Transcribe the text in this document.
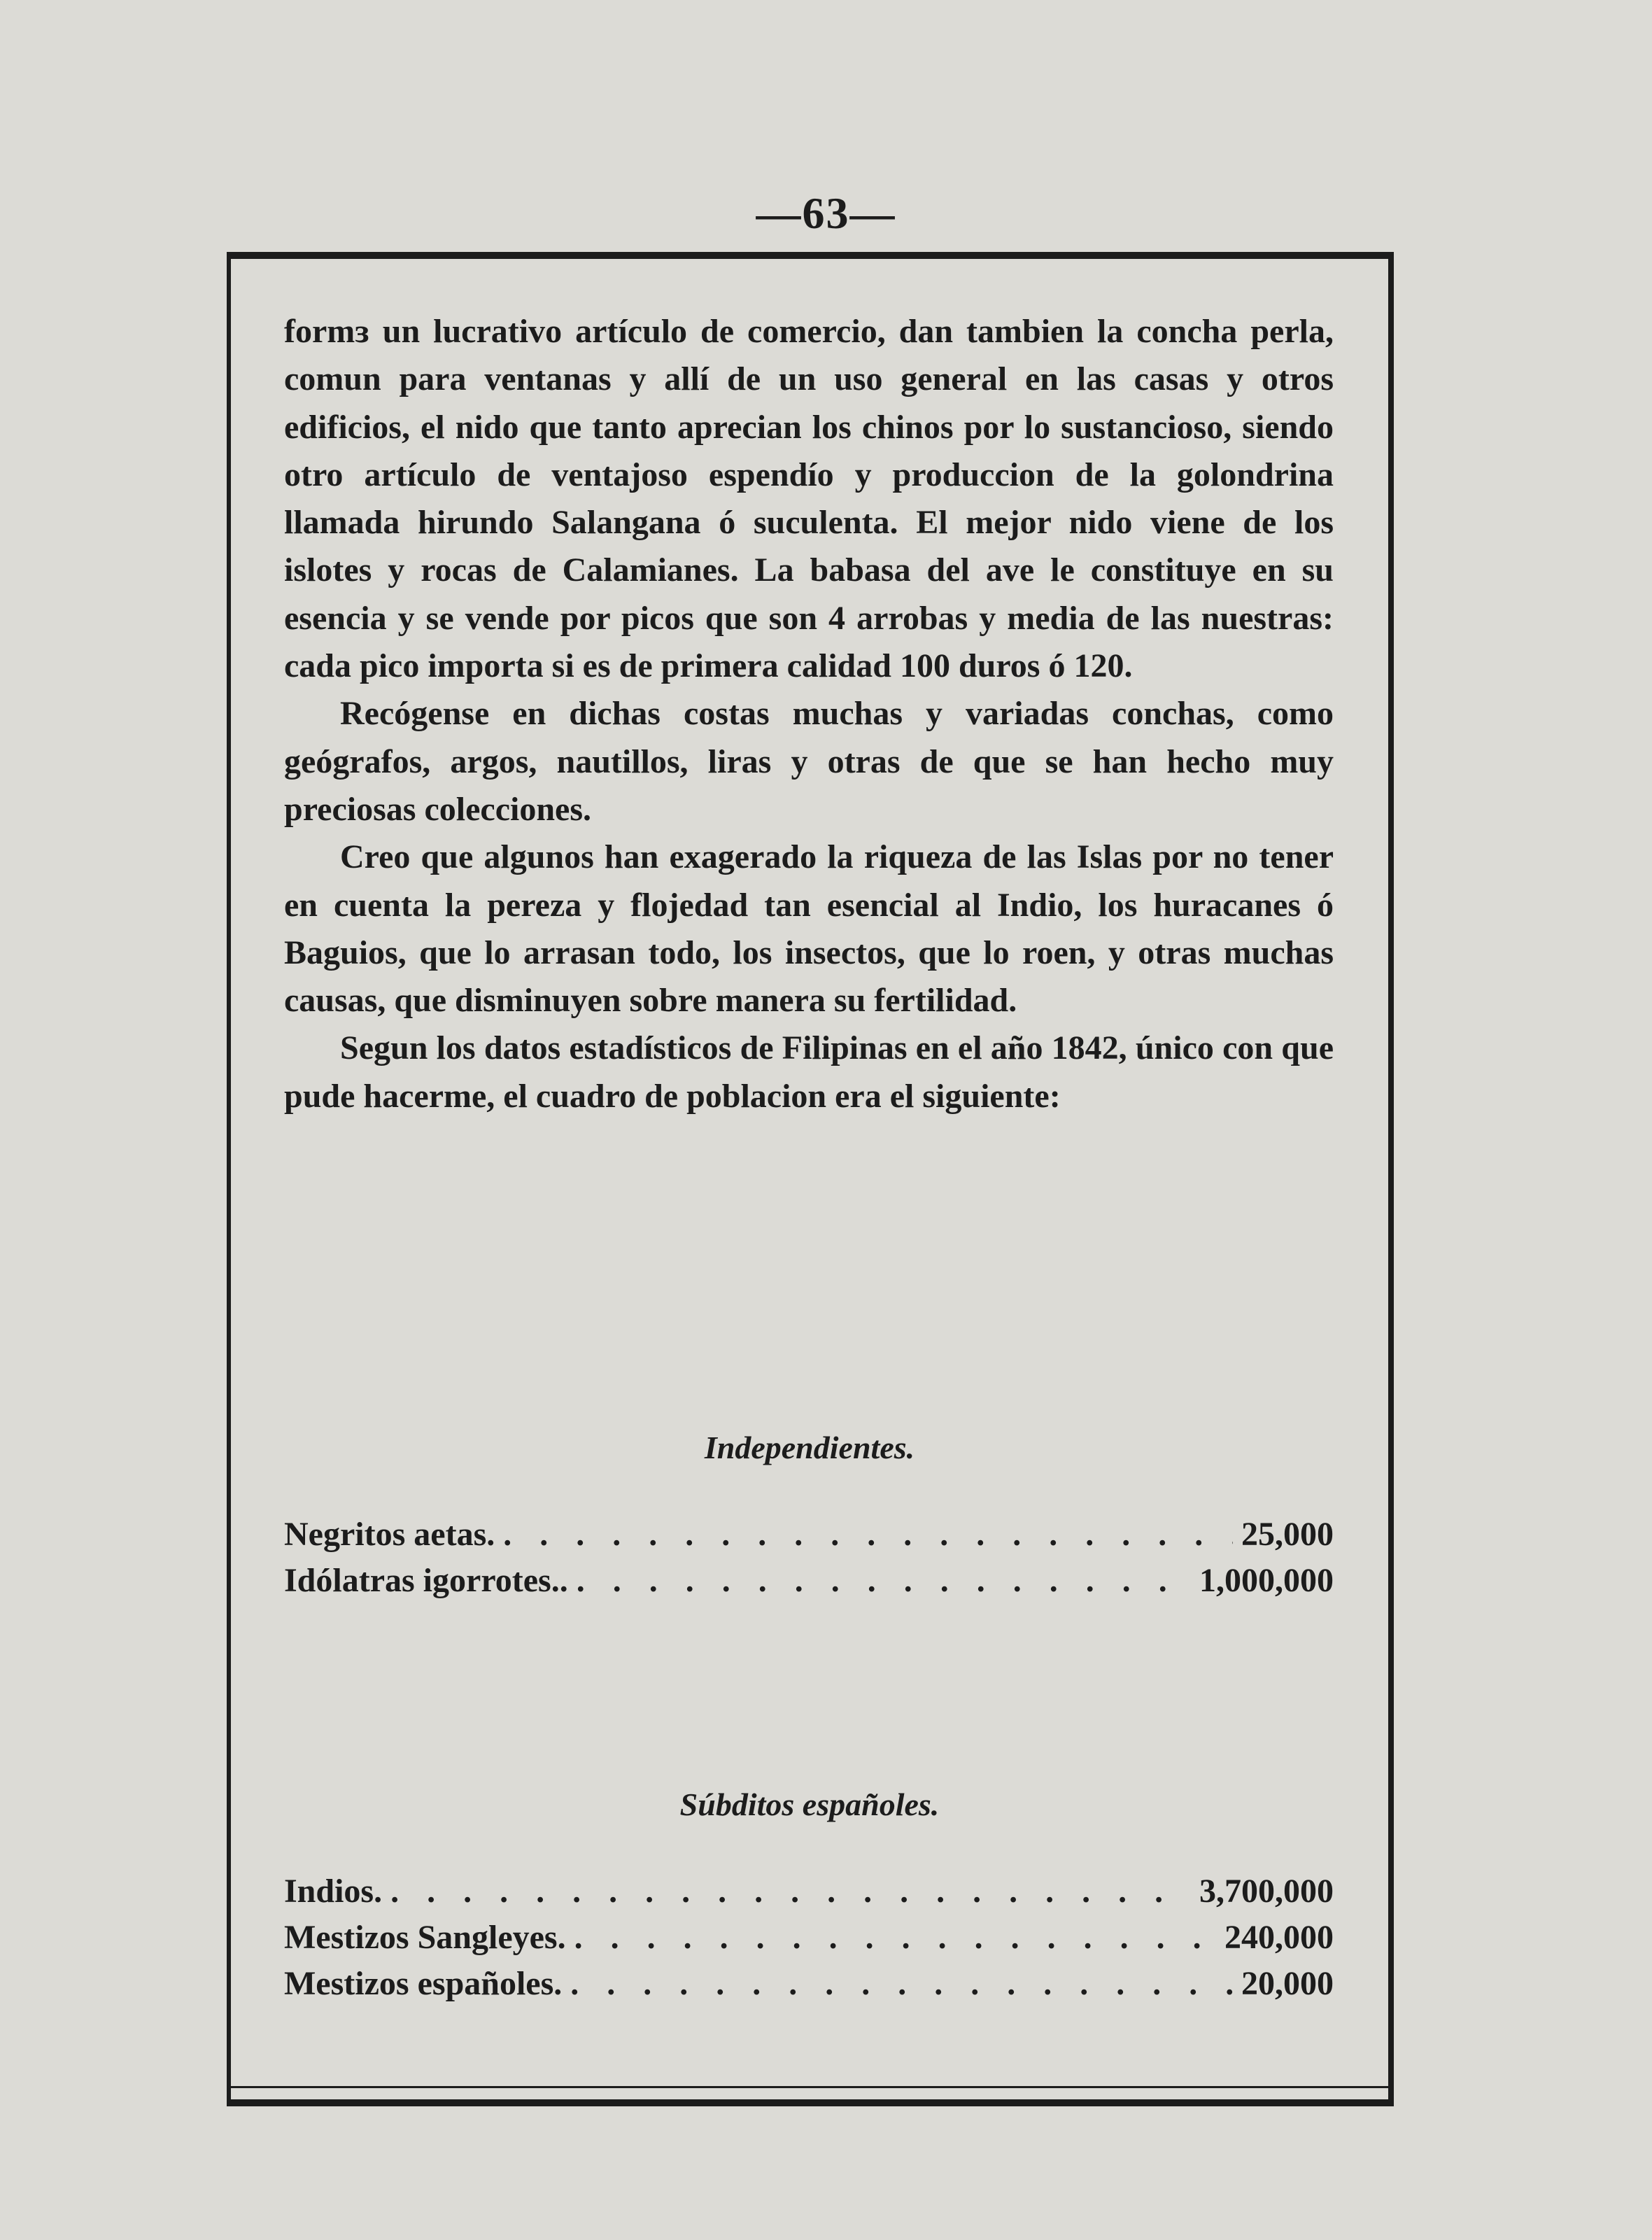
—63—

formɜ un lucrativo artículo de comercio, dan tambien la concha perla, comun para ventanas y allí de un uso general en las casas y otros edificios, el nido que tanto aprecian los chinos por lo sustancioso, siendo otro artículo de ventajoso espendío y produccion de la golondrina llamada hirundo Salangana ó suculenta. El mejor nido viene de los islotes y rocas de Calamianes. La babasa del ave le constituye en su esencia y se vende por picos que son 4 arrobas y media de las nuestras: cada pico importa si es de primera calidad 100 duros ó 120.

Recógense en dichas costas muchas y variadas conchas, como geógrafos, argos, nautillos, liras y otras de que se han hecho muy preciosas colecciones.

Creo que algunos han exagerado la riqueza de las Islas por no tener en cuenta la pereza y flojedad tan esencial al Indio, los huracanes ó Baguios, que lo arrasan todo, los insectos, que lo roen, y otras muchas causas, que disminuyen sobre manera su fertilidad.

Segun los datos estadísticos de Filipinas en el año 1842, único con que pude hacerme, el cuadro de poblacion era el siguiente:

Independientes.
Negritos aetas. . . .	25,000
Idólatras igorrotes.. . . .	1,000,000
Súbditos españoles.
Indios. . . .	3,700,000
Mestizos Sangleyes. . . .	240,000
Mestizos españoles. . . .	20,000
